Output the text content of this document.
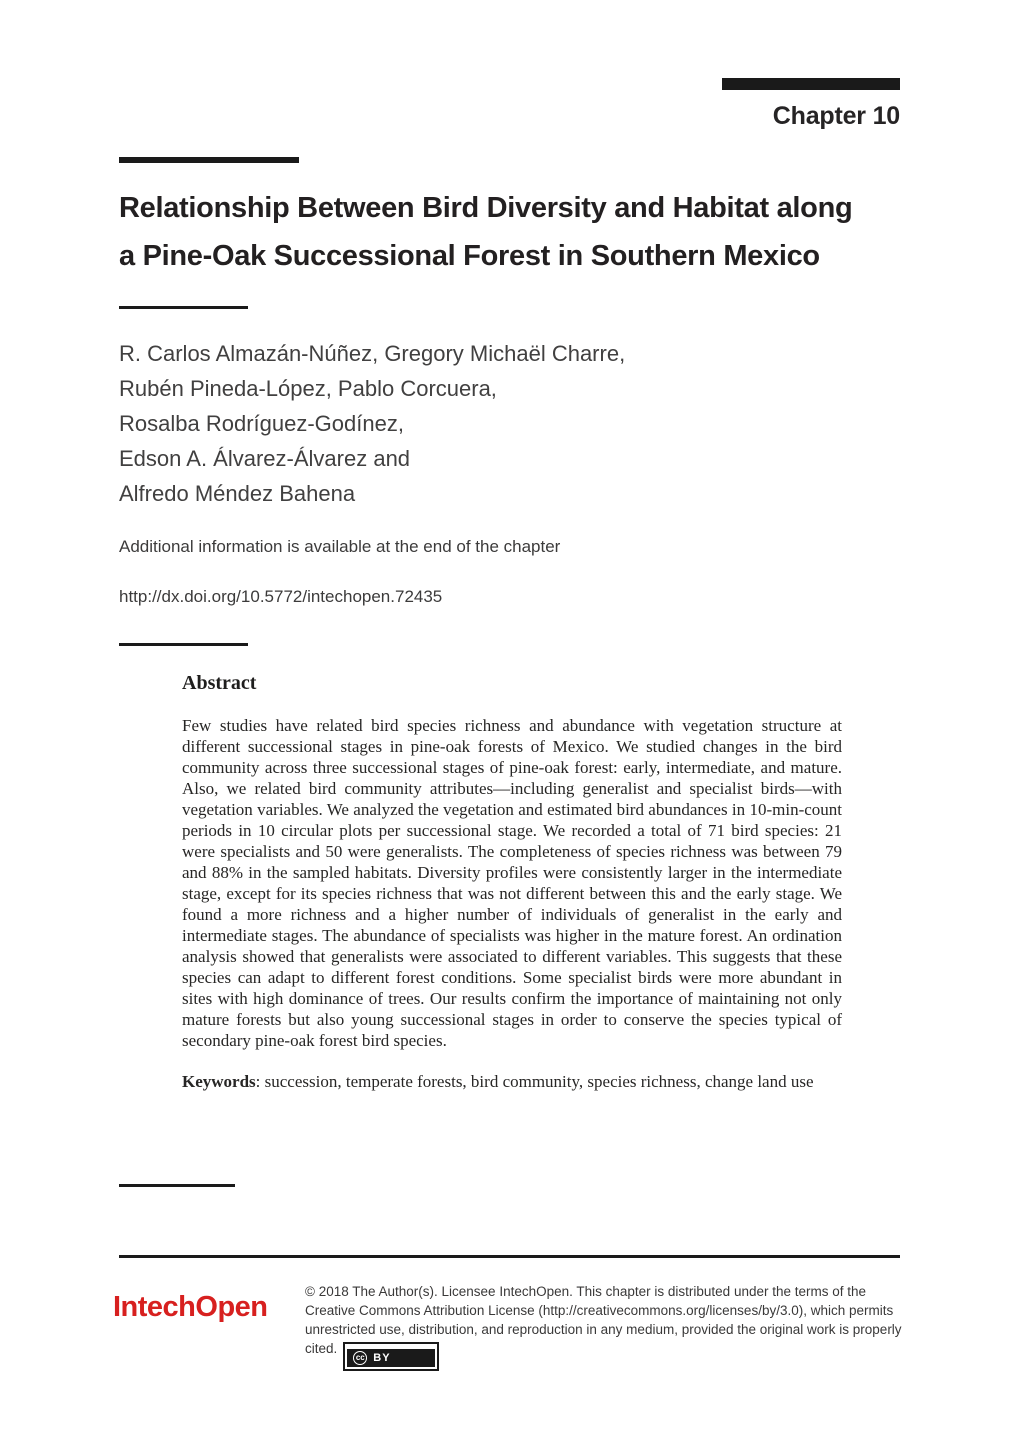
Chapter 10
Relationship Between Bird Diversity and Habitat along
a Pine-Oak Successional Forest in Southern Mexico
R. Carlos Almazán-Núñez, Gregory Michaël Charre,
Rubén Pineda-López, Pablo Corcuera,
Rosalba Rodríguez-Godínez,
Edson A. Álvarez-Álvarez and
Alfredo Méndez Bahena

Additional information is available at the end of the chapter

http://dx.doi.org/10.5772/intechopen.72435
Abstract

Few studies have related bird species richness and abundance with vegetation structure at different successional stages in pine-oak forests of Mexico. We studied changes in the bird community across three successional stages of pine-oak forest: early, intermediate, and mature. Also, we related bird community attributes—including generalist and specialist birds—with vegetation variables. We analyzed the vegetation and estimated bird abundances in 10-min-count periods in 10 circular plots per successional stage. We recorded a total of 71 bird species: 21 were specialists and 50 were generalists. The completeness of species richness was between 79 and 88% in the sampled habitats. Diversity profiles were consistently larger in the intermediate stage, except for its species richness that was not different between this and the early stage. We found a more richness and a higher number of individuals of generalist in the early and intermediate stages. The abundance of specialists was higher in the mature forest. An ordination analysis showed that generalists were associated to different variables. This suggests that these species can adapt to different forest conditions. Some specialist birds were more abundant in sites with high dominance of trees. Our results confirm the importance of maintaining not only mature forests but also young successional stages in order to conserve the species typical of secondary pine-oak forest bird species.

Keywords: succession, temperate forests, bird community, species richness, change land use

IntechOpen	© 2018 The Author(s). Licensee IntechOpen. This chapter is distributed under the terms of the Creative Commons Attribution License (http://creativecommons.org/licenses/by/3.0), which permits unrestricted use, distribution, and reproduction in any medium, provided the original work is properly cited.
cc BY
